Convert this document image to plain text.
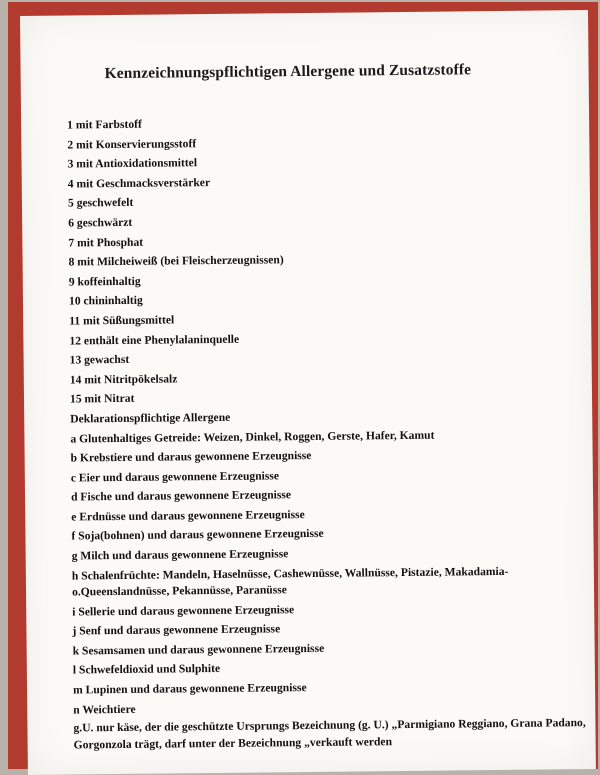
Kennzeichnungspflichtigen Allergene und Zusatzstoffe
1 mit Farbstoff
2 mit Konservierungsstoff
3 mit Antioxidationsmittel
4 mit Geschmacksverstärker
5 geschwefelt
6 geschwärzt
7 mit Phosphat
8 mit Milcheiweiß (bei Fleischerzeugnissen)
9 koffeinhaltig
10 chininhaltig
11 mit Süßungsmittel
12 enthält eine Phenylalaninquelle
13 gewachst
14 mit Nitritpökelsalz
15 mit Nitrat
Deklarationspflichtige Allergene
a Glutenhaltiges Getreide: Weizen, Dinkel, Roggen, Gerste, Hafer, Kamut
b Krebstiere und daraus gewonnene Erzeugnisse
c Eier und daraus gewonnene Erzeugnisse
d Fische und daraus gewonnene Erzeugnisse
e Erdnüsse und daraus gewonnene Erzeugnisse
f Soja(bohnen) und daraus gewonnene Erzeugnisse
g Milch und daraus gewonnene Erzeugnisse
h Schalenfrüchte: Mandeln, Haselnüsse, Cashewnüsse, Wallnüsse, Pistazie, Makadamia-o.Queenslandnüsse, Pekannüsse, Paranüsse
i Sellerie und daraus gewonnene Erzeugnisse
j Senf und daraus gewonnene Erzeugnisse
k Sesamsamen und daraus gewonnene Erzeugnisse
l Schwefeldioxid und Sulphite
m Lupinen und daraus gewonnene Erzeugnisse
n Weichtiere
g.U. nur käse, der die geschützte Ursprungs Bezeichnung (g. U.) „Parmigiano Reggiano, Grana Padano, Gorgonzola trägt, darf unter der Bezeichnung „verkauft werden
